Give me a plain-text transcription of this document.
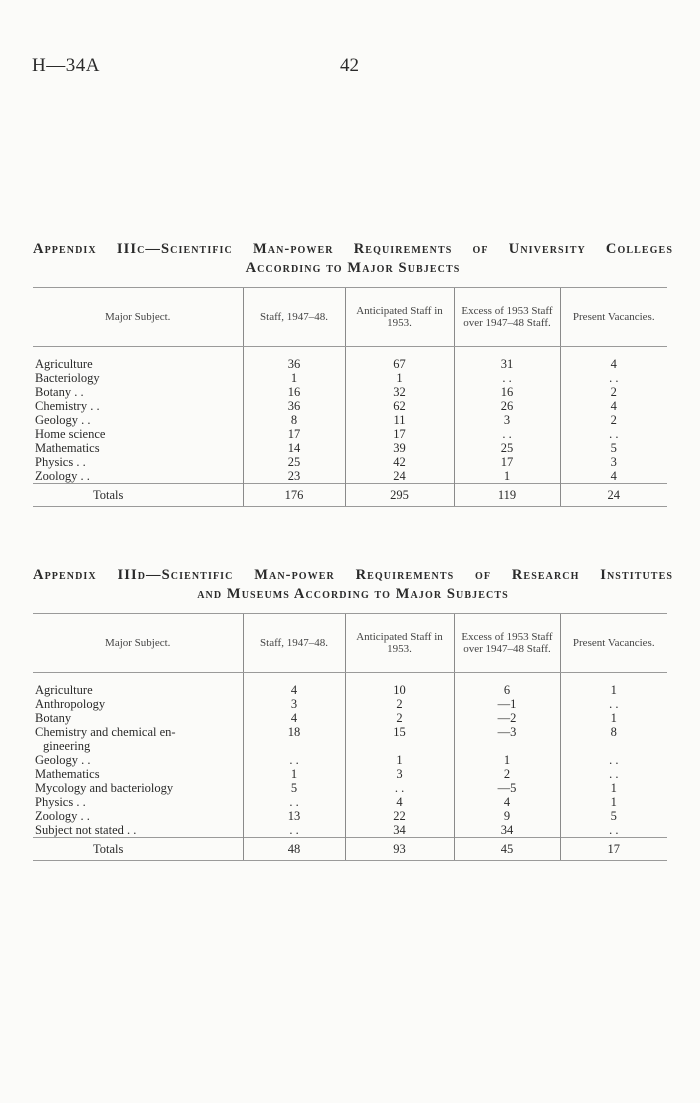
H—34A	42
Appendix IIIc—Scientific Man-power Requirements of University Colleges
According to Major Subjects
Major Subject.	Staff, 1947–48.	Anticipated Staff in 1953.	Excess of 1953 Staff over 1947–48 Staff.	Present Vacancies.
Agriculture	36	67	31	4
Bacteriology	1	1	. .	. .
Botany . .	16	32	16	2
Chemistry . .	36	62	26	4
Geology . .	8	11	3	2
Home science	17	17	. .	. .
Mathematics	14	39	25	5
Physics . .	25	42	17	3
Zoology . .	23	24	1	4
Totals	176	295	119	24
Appendix IIId—Scientific Man-power Requirements of Research Institutes
and Museums According to Major Subjects
Major Subject.	Staff, 1947–48.	Anticipated Staff in 1953.	Excess of 1953 Staff over 1947–48 Staff.	Present Vacancies.
Agriculture	4	10	6	1
Anthropology	3	2	—1	. .
Botany	4	2	—2	1

Chemistry and chemical en-
gineering	18	15	—3	8
Geology . .	. .	1	1	. .
Mathematics	1	3	2	. .
Mycology and bacteriology	5	. .	—5	1
Physics . .	. .	4	4	1
Zoology . .	13	22	9	5
Subject not stated . .	. .	34	34	. .
Totals	48	93	45	17
